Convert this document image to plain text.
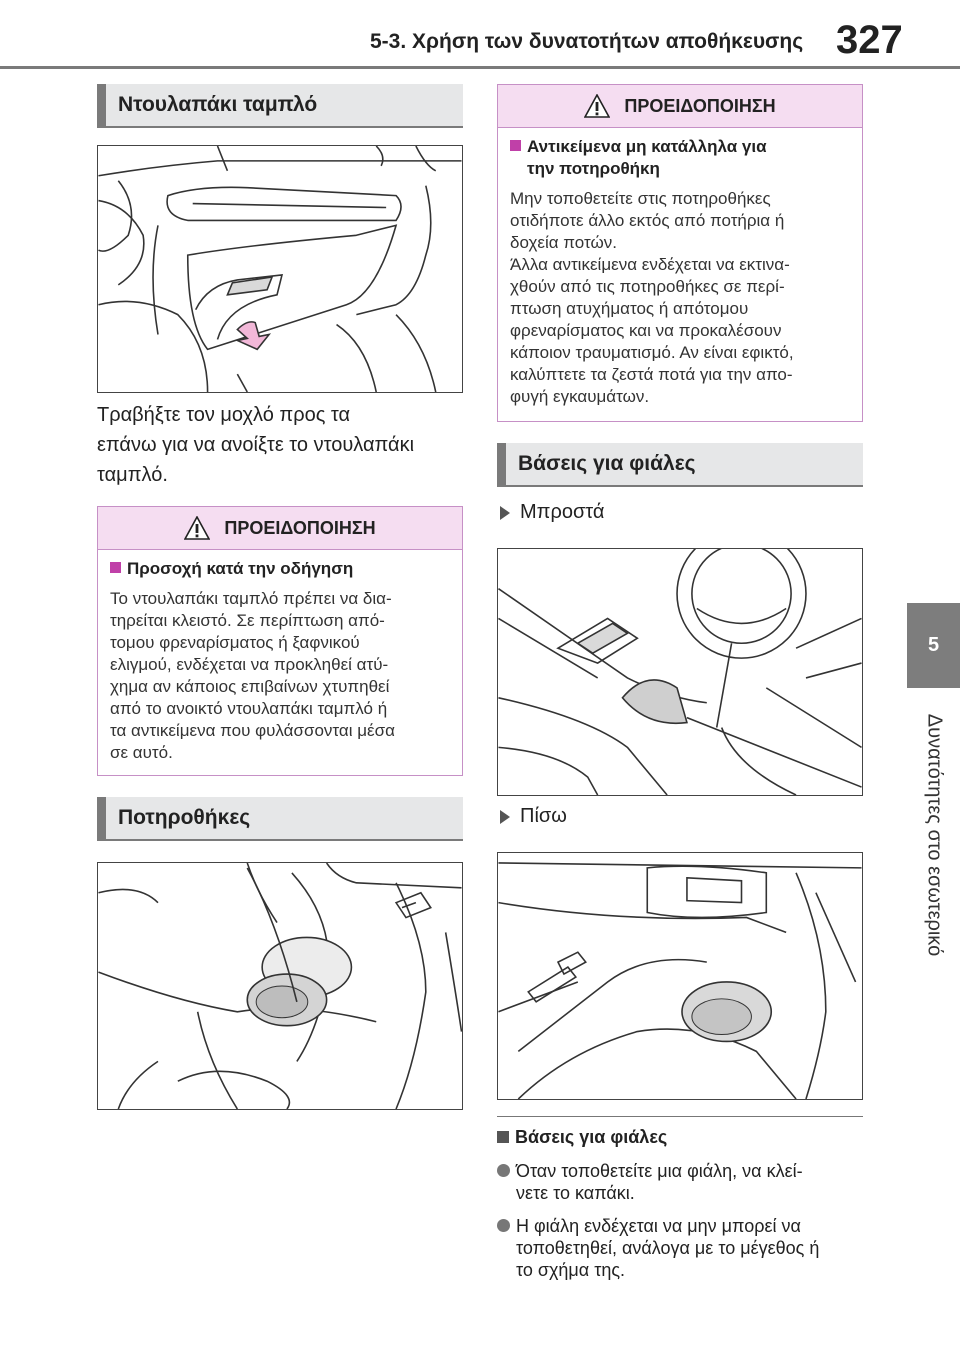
5-3. Χρήση των δυνατοτήτων αποθήκευσης 327
5
Δυνατότητες στο εσωτερικό
Ντουλαπάκι ταμπλό
Τραβήξτε τον μοχλό προς τα
επάνω για να ανοίξτε το ντουλαπάκι
ταμπλό.
ΠΡΟΕΙΔΟΠΟΙΗΣΗ
Προσοχή κατά την οδήγηση
Το ντουλαπάκι ταμπλό πρέπει να δια-
τηρείται κλειστό. Σε περίπτωση από-
τομου φρεναρίσματος ή ξαφνικού
ελιγμού, ενδέχεται να προκληθεί ατύ-
χημα αν κάποιος επιβαίνων χτυπηθεί
από το ανοικτό ντουλαπάκι ταμπλό ή
τα αντικείμενα που φυλάσσονται μέσα
σε αυτό.
Ποτηροθήκες
ΠΡΟΕΙΔΟΠΟΙΗΣΗ
Αντικείμενα μη κατάλληλα για
την ποτηροθήκη
Μην τοποθετείτε στις ποτηροθήκες
οτιδήποτε άλλο εκτός από ποτήρια ή
δοχεία ποτών.
Άλλα αντικείμενα ενδέχεται να εκτινα-
χθούν από τις ποτηροθήκες σε περί-
πτωση ατυχήματος ή απότομου
φρεναρίσματος και να προκαλέσουν
κάποιον τραυματισμό. Αν είναι εφικτό,
καλύπτετε τα ζεστά ποτά για την απο-
φυγή εγκαυμάτων.
Βάσεις για φιάλες
Μπροστά
Πίσω
Βάσεις για φιάλες
Όταν τοποθετείτε μια φιάλη, να κλεί-
νετε το καπάκι.
Η φιάλη ενδέχεται να μην μπορεί να
τοποθετηθεί, ανάλογα με το μέγεθος ή
το σχήμα της.
